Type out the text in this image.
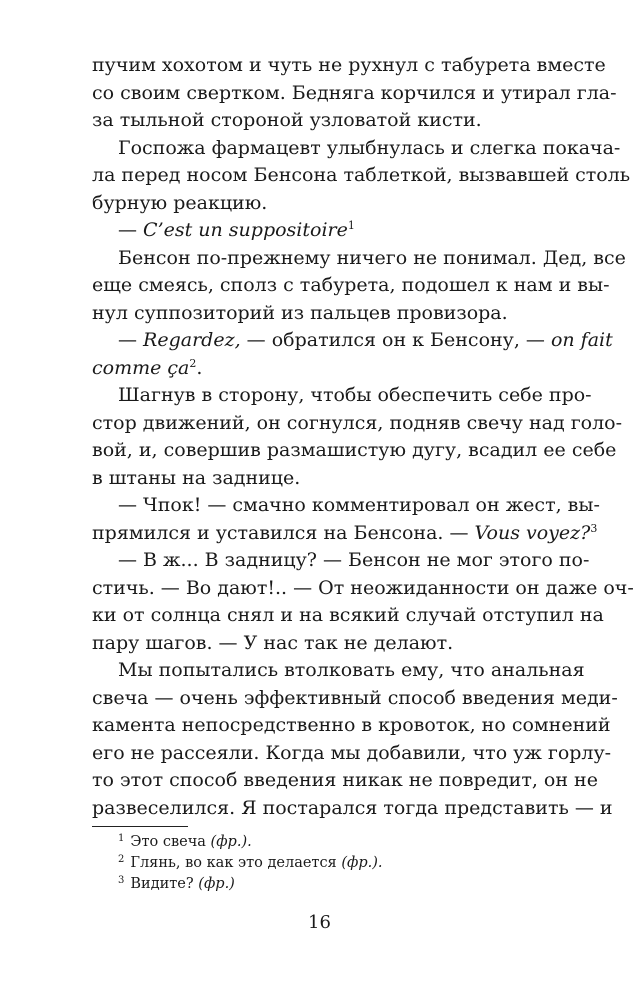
пучим хохотом и чуть не рухнул с табурета вместе
со своим свертком. Бедняга корчился и утирал гла-
за тыльной стороной узловатой кисти.
Госпожа фармацевт улыбнулась и слегка покача-
ла перед носом Бенсона таблеткой, вызвавшей столь
бурную реакцию.
— C’est un suppositoire$^1$
Бенсон по-прежнему ничего не понимал. Дед, все
еще смеясь, сполз с табурета, подошел к нам и вы-
нул суппозиторий из пальцев провизора.
— Regardez, — обратился он к Бенсону, — on fait
comme $ça^2$.
Шагнув в сторону, чтобы обеспечить себе про-
стор движений, он согнулся, подняв свечу над голо-
вой, и, совершив размашистую дугу, всадил ее себе
в штаны на заднице.
— Чпок! — смачно комментировал он жест, вы-
прямился и уставился на Бенсона. — Vous voyez?$^3$
— В ж... В задницу? — Бенсон не мог этого по-
стичь. — Во дают!.. — От неожиданности он даже оч-
ки от солнца снял и на всякий случай отступил на
пару шагов. — У нас так не делают.
Мы попытались втолковать ему, что анальная
свеча — очень эффективный способ введения меди-
камента непосредственно в кровоток, но сомнений
его не рассеяли. Когда мы добавили, что уж горлу-
то этот способ введения никак не повредит, он не
развеселился. Я постарался тогда представить — и
$^1$ Это свеча (фр.).
$^2$ Глянь, во как это делается (фр.).
$^3$ Видите? (фр.)
16
